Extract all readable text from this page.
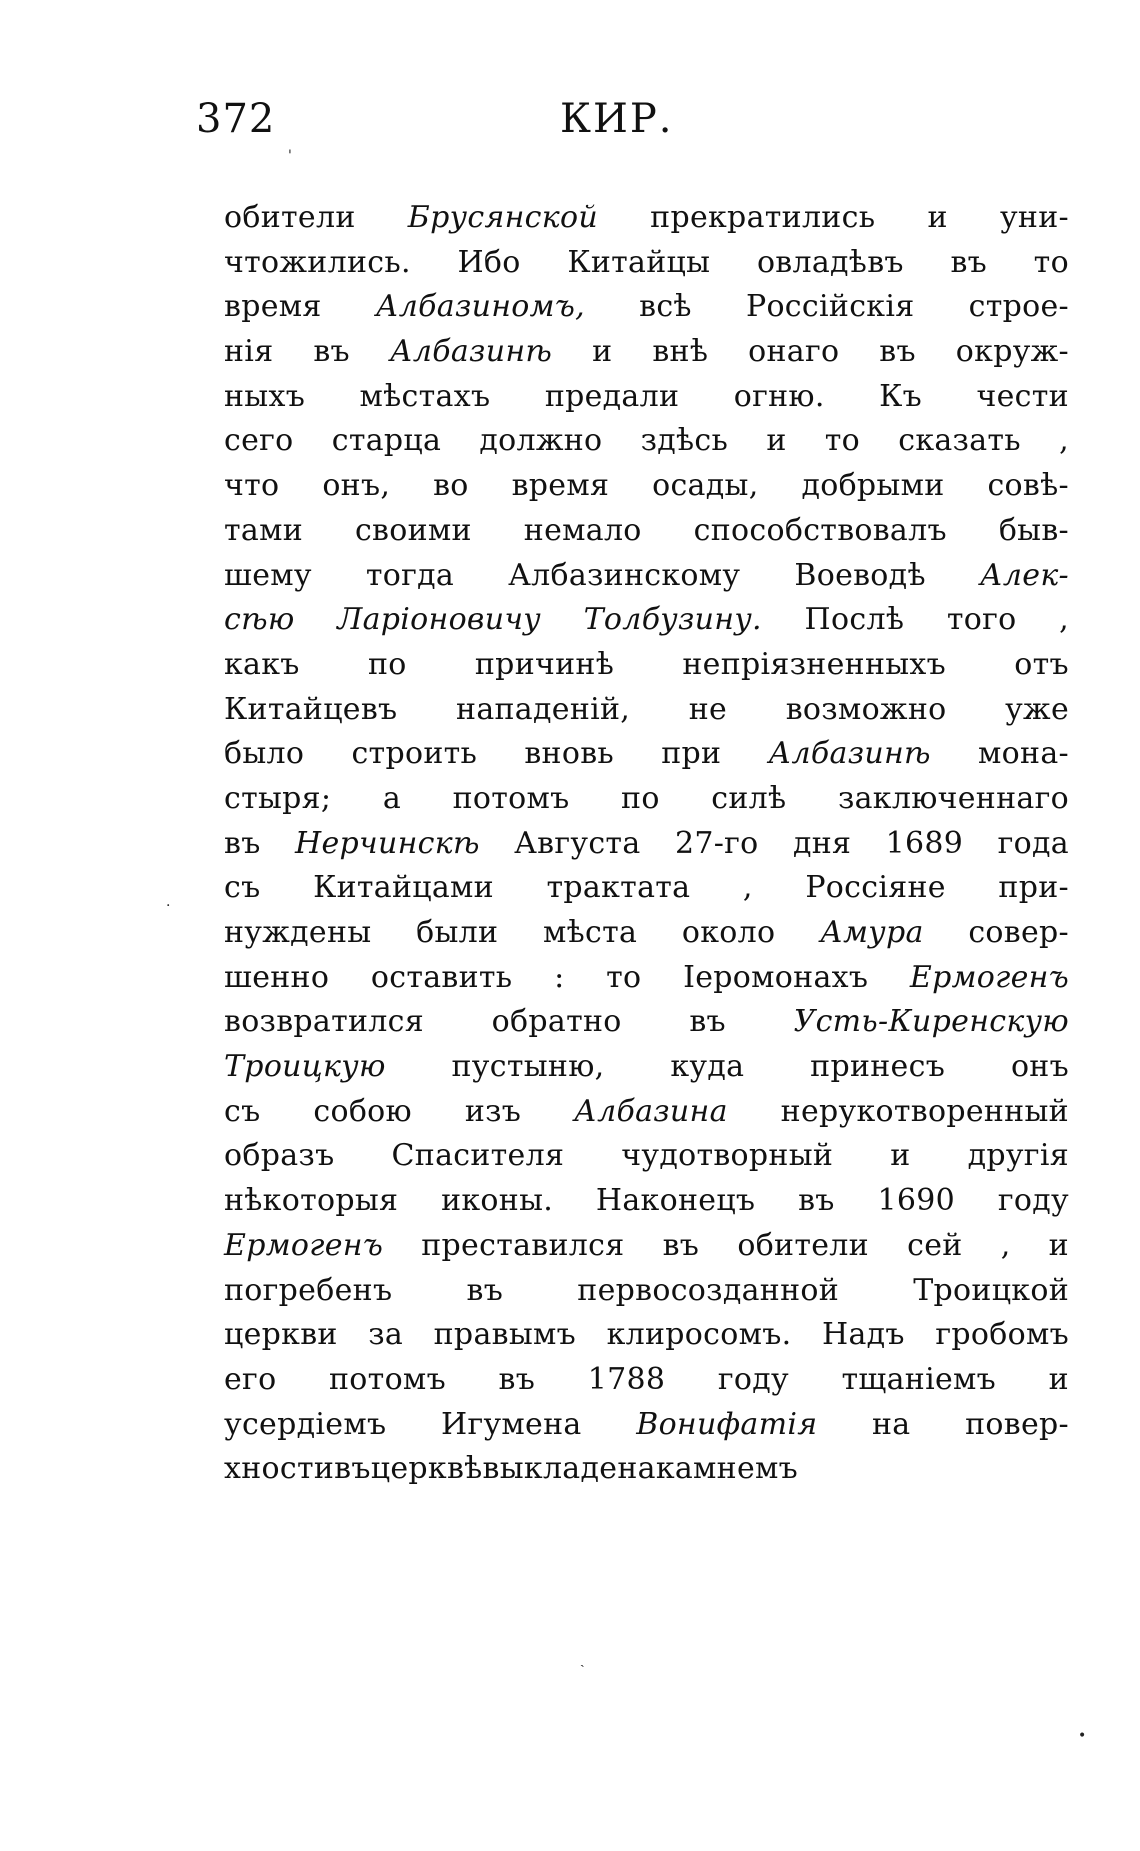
372	КИР.
обители Брусянской прекратились и уни-
чтожились. Ибо Китайцы овладѣвъ въ то
время Албазиномъ, всѣ Россійскія строе-
нія въ Албазинѣ и внѣ онаго въ окруж-
ныхъ мѣстахъ предали огню. Къ чести
сего старца должно здѣсь и то сказать ,
что онъ, во время осады, добрыми совѣ-
тами своими немало способствовалъ быв-
шему тогда Албазинскому Воеводѣ Алек-
сѣю Ларіоновичу Толбузину. Послѣ того ,
какъ по причинѣ непріязненныхъ отъ
Китайцевъ нападеній, не возможно уже
было строить вновь при Албазинѣ мона-
стыря; а потомъ по силѣ заключеннаго
въ Нерчинскѣ Августа 27-го дня 1689 года
съ Китайцами трактата , Россіяне при-
нуждены были мѣста около Амура совер-
шенно оставить : то Іеромонахъ Ермогенъ
возвратился обратно въ Усть-Киренскую
Троицкую пустыню, куда принесъ онъ
съ собою изъ Албазина нерукотворенный
образъ Спасителя чудотворный и другія
нѣкоторыя иконы. Наконецъ въ 1690 году
Ермогенъ преставился въ обители сей , и
погребенъ въ первосозданной Троицкой
церкви за правымъ клиросомъ. Надъ гробомъ
его потомъ въ 1788 году тщаніемъ и
усердіемъ Игумена Вонифатія на повер-
хности въ церквѣ выкладена камнемъ
'
·
ˎ
•
